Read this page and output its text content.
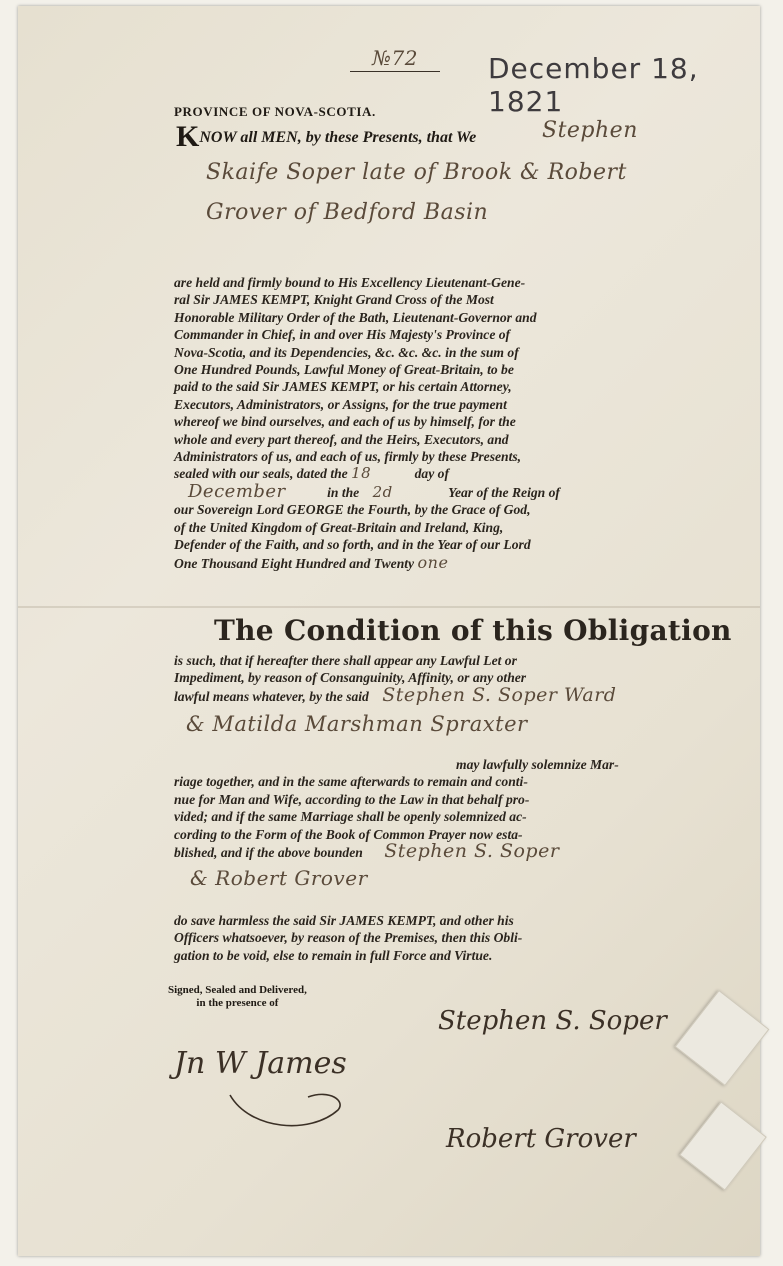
№72	December 18, 1821
PROVINCE OF NOVA-SCOTIA.
KNOW all MEN, by these Presents, that We	Stephen
Skaife Soper late of Brook & Robert
Grover of Bedford Basin

are held and firmly bound to His Excellency Lieutenant-Gene-

ral Sir JAMES KEMPT, Knight Grand Cross of the Most

Honorable Military Order of the Bath, Lieutenant-Governor and

Commander in Chief, in and over His Majesty's Province of

Nova-Scotia, and its Dependencies, &c. &c. &c. in the sum of

One Hundred Pounds, Lawful Money of Great-Britain, to be

paid to the said Sir JAMES KEMPT, or his certain Attorney,

Executors, Administrators, or Assigns, for the true payment

whereof we bind ourselves, and each of us by himself, for the

whole and every part thereof, and the Heirs, Executors, and

Administrators of us, and each of us, firmly by these Presents,

sealed with our seals, dated the 18	day of

December	in the 2d	Year of the Reign of

our Sovereign Lord GEORGE the Fourth, by the Grace of God,

of the United Kingdom of Great-Britain and Ireland, King,

Defender of the Faith, and so forth, and in the Year of our Lord

One Thousand Eight Hundred and Twenty one

The Condition of this Obligation

is such, that if hereafter there shall appear any Lawful Let or

Impediment, by reason of Consanguinity, Affinity, or any other

lawful means whatever, by the said Stephen S. Soper Ward

& Matilda Marshman Spraxter

may lawfully solemnize Mar-

riage together, and in the same afterwards to remain and conti-

nue for Man and Wife, according to the Law in that behalf pro-

vided; and if the same Marriage shall be openly solemnized ac-

cording to the Form of the Book of Common Prayer now esta-

blished, and if the above bounden Stephen S. Soper

& Robert Grover

do save harmless the said Sir JAMES KEMPT, and other his

Officers whatsoever, by reason of the Premises, then this Obli-

gation to be void, else to remain in full Force and Virtue.

Signed, Sealed and Delivered,
in the presence of
Jn W James
Stephen S. Soper
Robert Grover
